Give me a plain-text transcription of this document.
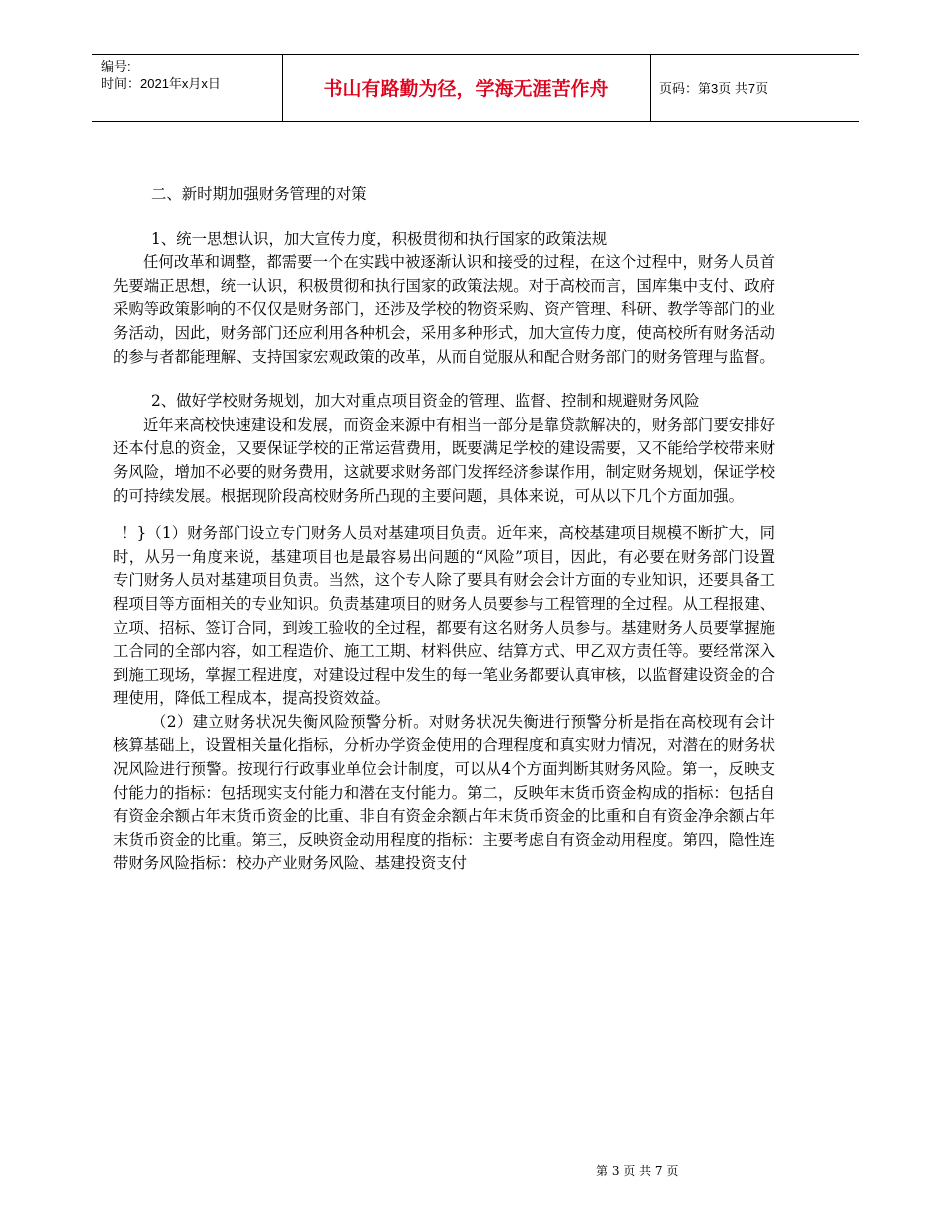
编号:
时间：2021年x月x日	书山有路勤为径，学海无涯苦作舟	页码：第3页 共7页

二、新时期加强财务管理的对策

1、统一思想认识，加大宣传力度，积极贯彻和执行国家的政策法规

任何改革和调整，都需要一个在实践中被逐渐认识和接受的过程，在这个过程中，财务人员首先要端正思想，统一认识，积极贯彻和执行国家的政策法规。对于高校而言，国库集中支付、政府采购等政策影响的不仅仅是财务部门，还涉及学校的物资采购、资产管理、科研、教学等部门的业务活动，因此，财务部门还应利用各种机会，采用多种形式，加大宣传力度，使高校所有财务活动的参与者都能理解、支持国家宏观政策的改革，从而自觉服从和配合财务部门的财务管理与监督。

2、做好学校财务规划，加大对重点项目资金的管理、监督、控制和规避财务风险

近年来高校快速建设和发展，而资金来源中有相当一部分是靠贷款解决的，财务部门要安排好还本付息的资金，又要保证学校的正常运营费用，既要满足学校的建设需要，又不能给学校带来财务风险，增加不必要的财务费用，这就要求财务部门发挥经济参谋作用，制定财务规划，保证学校的可持续发展。根据现阶段高校财务所凸现的主要问题，具体来说，可从以下几个方面加强。

！}（1）财务部门设立专门财务人员对基建项目负责。近年来，高校基建项目规模不断扩大，同时，从另一角度来说，基建项目也是最容易出问题的“风险”项目，因此，有必要在财务部门设置专门财务人员对基建项目负责。当然，这个专人除了要具有财会会计方面的专业知识，还要具备工程项目等方面相关的专业知识。负责基建项目的财务人员要参与工程管理的全过程。从工程报建、立项、招标、签订合同，到竣工验收的全过程，都要有这名财务人员参与。基建财务人员要掌握施工合同的全部内容，如工程造价、施工工期、材料供应、结算方式、甲乙双方责任等。要经常深入到施工现场，掌握工程进度，对建设过程中发生的每一笔业务都要认真审核，以监督建设资金的合理使用，降低工程成本，提高投资效益。

（2）建立财务状况失衡风险预警分析。对财务状况失衡进行预警分析是指在高校现有会计核算基础上，设置相关量化指标，分析办学资金使用的合理程度和真实财力情况，对潜在的财务状况风险进行预警。按现行行政事业单位会计制度，可以从4个方面判断其财务风险。第一，反映支付能力的指标：包括现实支付能力和潜在支付能力。第二，反映年末货币资金构成的指标：包括自有资金余额占年末货币资金的比重、非自有资金余额占年末货币资金的比重和自有资金净余额占年末货币资金的比重。第三，反映资金动用程度的指标：主要考虑自有资金动用程度。第四，隐性连带财务风险指标：校办产业财务风险、基建投资支付

第 3 页 共 7 页
